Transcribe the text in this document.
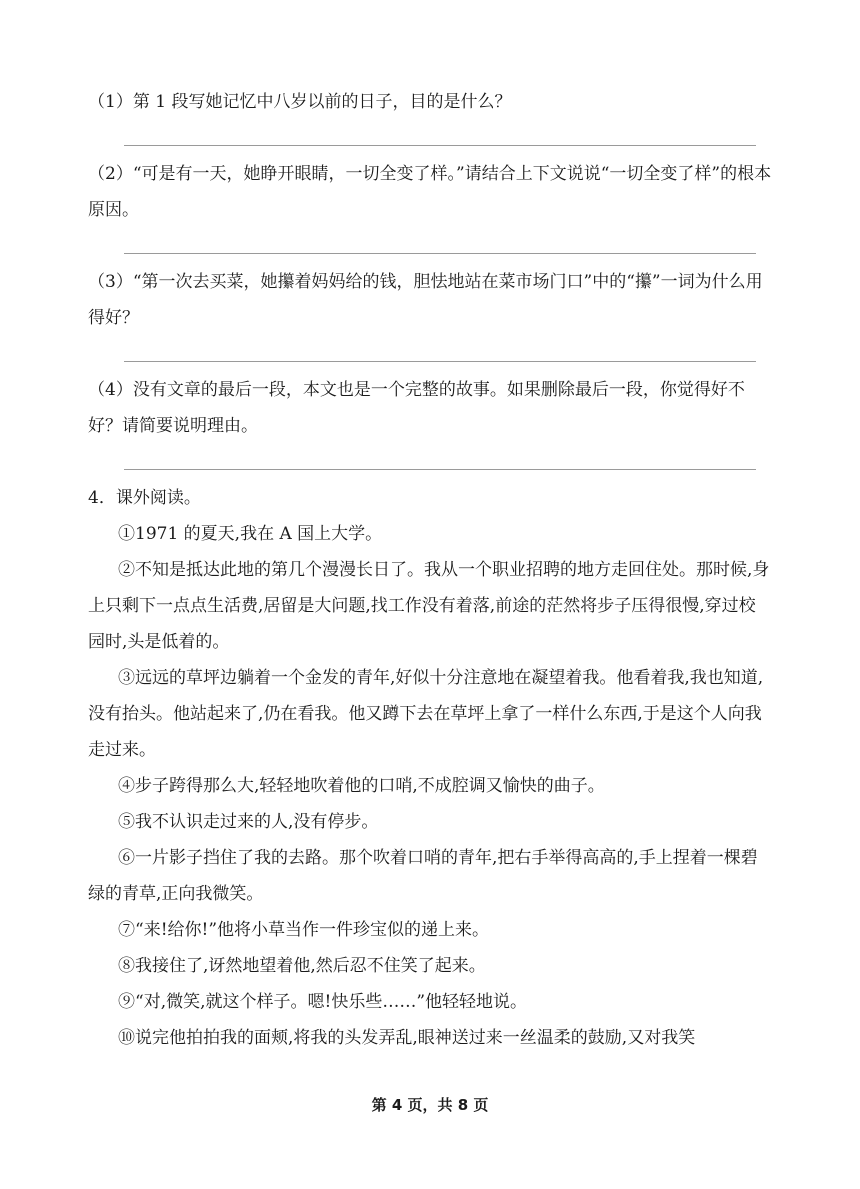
（1）第 1 段写她记忆中八岁以前的日子，目的是什么？

（2）“可是有一天，她睁开眼睛，一切全变了样。”请结合上下文说说“一切全变了样”的根本原因。

（3）“第一次去买菜，她攥着妈妈给的钱，胆怯地站在菜市场门口”中的“攥”一词为什么用得好？

（4）没有文章的最后一段，本文也是一个完整的故事。如果删除最后一段，你觉得好不好？请简要说明理由。

4．课外阅读。

①1971 的夏天,我在 A 国上大学。

②不知是抵达此地的第几个漫漫长日了。我从一个职业招聘的地方走回住处。那时候,身上只剩下一点点生活费,居留是大问题,找工作没有着落,前途的茫然将步子压得很慢,穿过校园时,头是低着的。

③远远的草坪边躺着一个金发的青年,好似十分注意地在凝望着我。他看着我,我也知道,没有抬头。他站起来了,仍在看我。他又蹲下去在草坪上拿了一样什么东西,于是这个人向我走过来。

④步子跨得那么大,轻轻地吹着他的口哨,不成腔调又愉快的曲子。

⑤我不认识走过来的人,没有停步。

⑥一片影子挡住了我的去路。那个吹着口哨的青年,把右手举得高高的,手上捏着一棵碧绿的青草,正向我微笑。

⑦“来!给你!”他将小草当作一件珍宝似的递上来。

⑧我接住了,讶然地望着他,然后忍不住笑了起来。

⑨“对,微笑,就这个样子。嗯!快乐些……”他轻轻地说。

⑩说完他拍拍我的面颊,将我的头发弄乱,眼神送过来一丝温柔的鼓励,又对我笑

第 4 页，共 8 页
